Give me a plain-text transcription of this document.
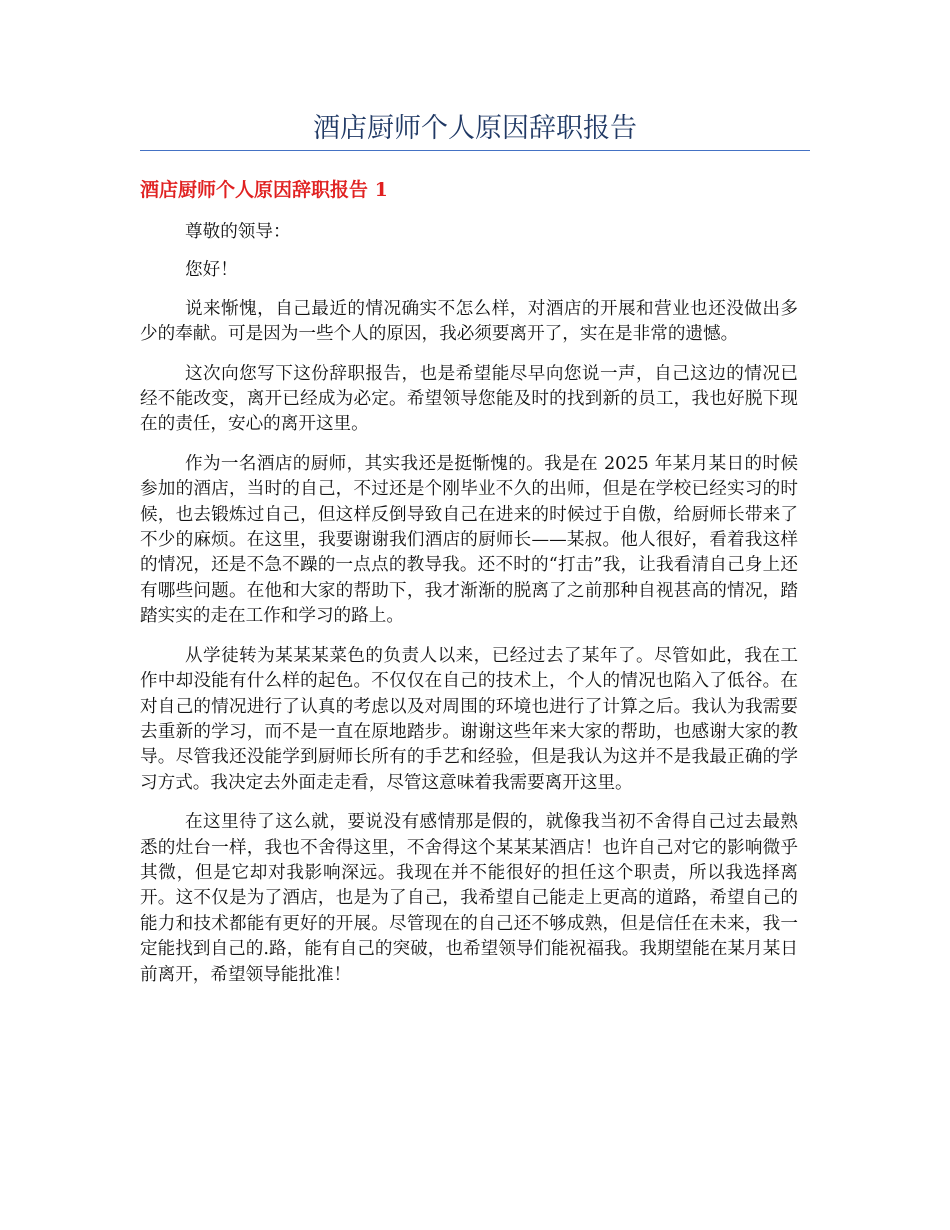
酒店厨师个人原因辞职报告
酒店厨师个人原因辞职报告 1

尊敬的领导：

您好！

说来惭愧，自己最近的情况确实不怎么样，对酒店的开展和营业也还没做出多少的奉献。可是因为一些个人的原因，我必须要离开了，实在是非常的遗憾。

这次向您写下这份辞职报告，也是希望能尽早向您说一声，自己这边的情况已经不能改变，离开已经成为必定。希望领导您能及时的找到新的员工，我也好脱下现在的责任，安心的离开这里。

作为一名酒店的厨师，其实我还是挺惭愧的。我是在 2025 年某月某日的时候参加的酒店，当时的自己，不过还是个刚毕业不久的出师，但是在学校已经实习的时候，也去锻炼过自己，但这样反倒导致自己在进来的时候过于自傲，给厨师长带来了不少的麻烦。在这里，我要谢谢我们酒店的厨师长——某叔。他人很好，看着我这样的情况，还是不急不躁的一点点的教导我。还不时的“打击”我，让我看清自己身上还有哪些问题。在他和大家的帮助下，我才渐渐的脱离了之前那种自视甚高的情况，踏踏实实的走在工作和学习的路上。

从学徒转为某某某菜色的负责人以来，已经过去了某年了。尽管如此，我在工作中却没能有什么样的起色。不仅仅在自己的技术上，个人的情况也陷入了低谷。在对自己的情况进行了认真的考虑以及对周围的环境也进行了计算之后。我认为我需要去重新的学习，而不是一直在原地踏步。谢谢这些年来大家的帮助，也感谢大家的教导。尽管我还没能学到厨师长所有的手艺和经验，但是我认为这并不是我最正确的学习方式。我决定去外面走走看，尽管这意味着我需要离开这里。

在这里待了这么就，要说没有感情那是假的，就像我当初不舍得自己过去最熟悉的灶台一样，我也不舍得这里，不舍得这个某某某酒店！也许自己对它的影响微乎其微，但是它却对我影响深远。我现在并不能很好的担任这个职责，所以我选择离开。这不仅是为了酒店，也是为了自己，我希望自己能走上更高的道路，希望自己的能力和技术都能有更好的开展。尽管现在的自己还不够成熟，但是信任在未来，我一定能找到自己的.路，能有自己的突破，也希望领导们能祝福我。我期望能在某月某日前离开，希望领导能批准！
